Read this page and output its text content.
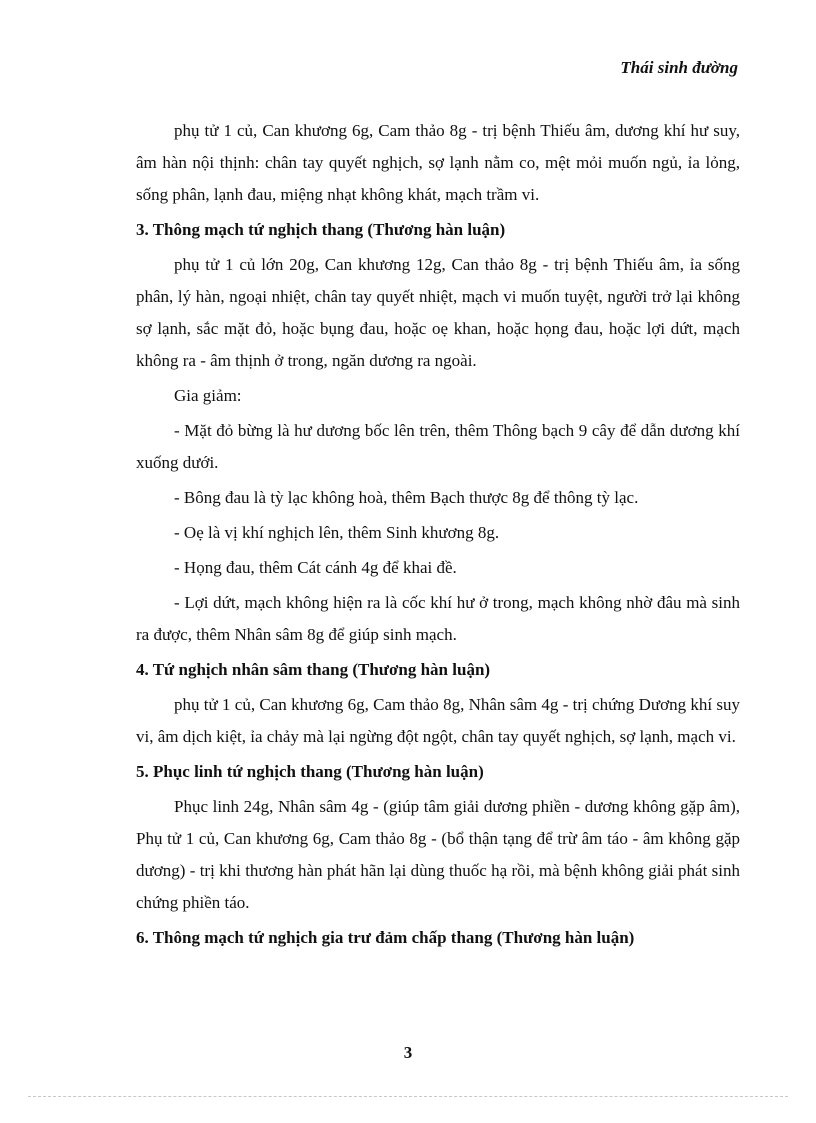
Thái sinh đường

phụ tử 1 củ, Can khương 6g, Cam thảo 8g - trị bệnh Thiếu âm, dương khí hư suy, âm hàn nội thịnh: chân tay quyết nghịch, sợ lạnh nằm co, mệt mỏi muốn ngủ, ỉa lỏng, sống phân, lạnh đau, miệng nhạt không khát, mạch trầm vi.

3. Thông mạch tứ nghịch thang (Thương hàn luận)

phụ tử 1 củ lớn 20g, Can khương 12g, Can thảo 8g - trị bệnh Thiếu âm, ỉa sống phân, lý hàn, ngoại nhiệt, chân tay quyết nhiệt, mạch vi muốn tuyệt, người trở lại không sợ lạnh, sắc mặt đỏ, hoặc bụng đau, hoặc oẹ khan, hoặc họng đau, hoặc lợi dứt, mạch không ra - âm thịnh ở trong, ngăn dương ra ngoài.

Gia giảm:

- Mặt đỏ bừng là hư dương bốc lên trên, thêm Thông bạch 9 cây để dẫn dương khí xuống dưới.

- Bông đau là tỳ lạc không hoà, thêm Bạch thược 8g để thông tỳ lạc.

- Oẹ là vị khí nghịch lên, thêm Sinh khương 8g.

- Họng đau, thêm Cát cánh 4g để khai đề.

- Lợi dứt, mạch không hiện ra là cốc khí hư ở trong, mạch không nhờ đâu mà sinh ra được, thêm Nhân sâm 8g để giúp sinh mạch.

4. Tứ nghịch nhân sâm thang (Thương hàn luận)

phụ tử 1 củ, Can khương 6g, Cam thảo 8g, Nhân sâm 4g - trị chứng Dương khí suy vi, âm dịch kiệt, ỉa chảy mà lại ngừng đột ngột, chân tay quyết nghịch, sợ lạnh, mạch vi.

5. Phục linh tứ nghịch thang (Thương hàn luận)

Phục linh 24g, Nhân sâm 4g - (giúp tâm giải dương phiền - dương không gặp âm), Phụ tử 1 củ, Can khương 6g, Cam thảo 8g - (bổ thận tạng để trừ âm táo - âm không gặp dương) - trị khi thương hàn phát hãn lại dùng thuốc hạ rồi, mà bệnh không giải phát sinh chứng phiền táo.

6. Thông mạch tứ nghịch gia trư đảm chấp thang (Thương hàn luận)

3
